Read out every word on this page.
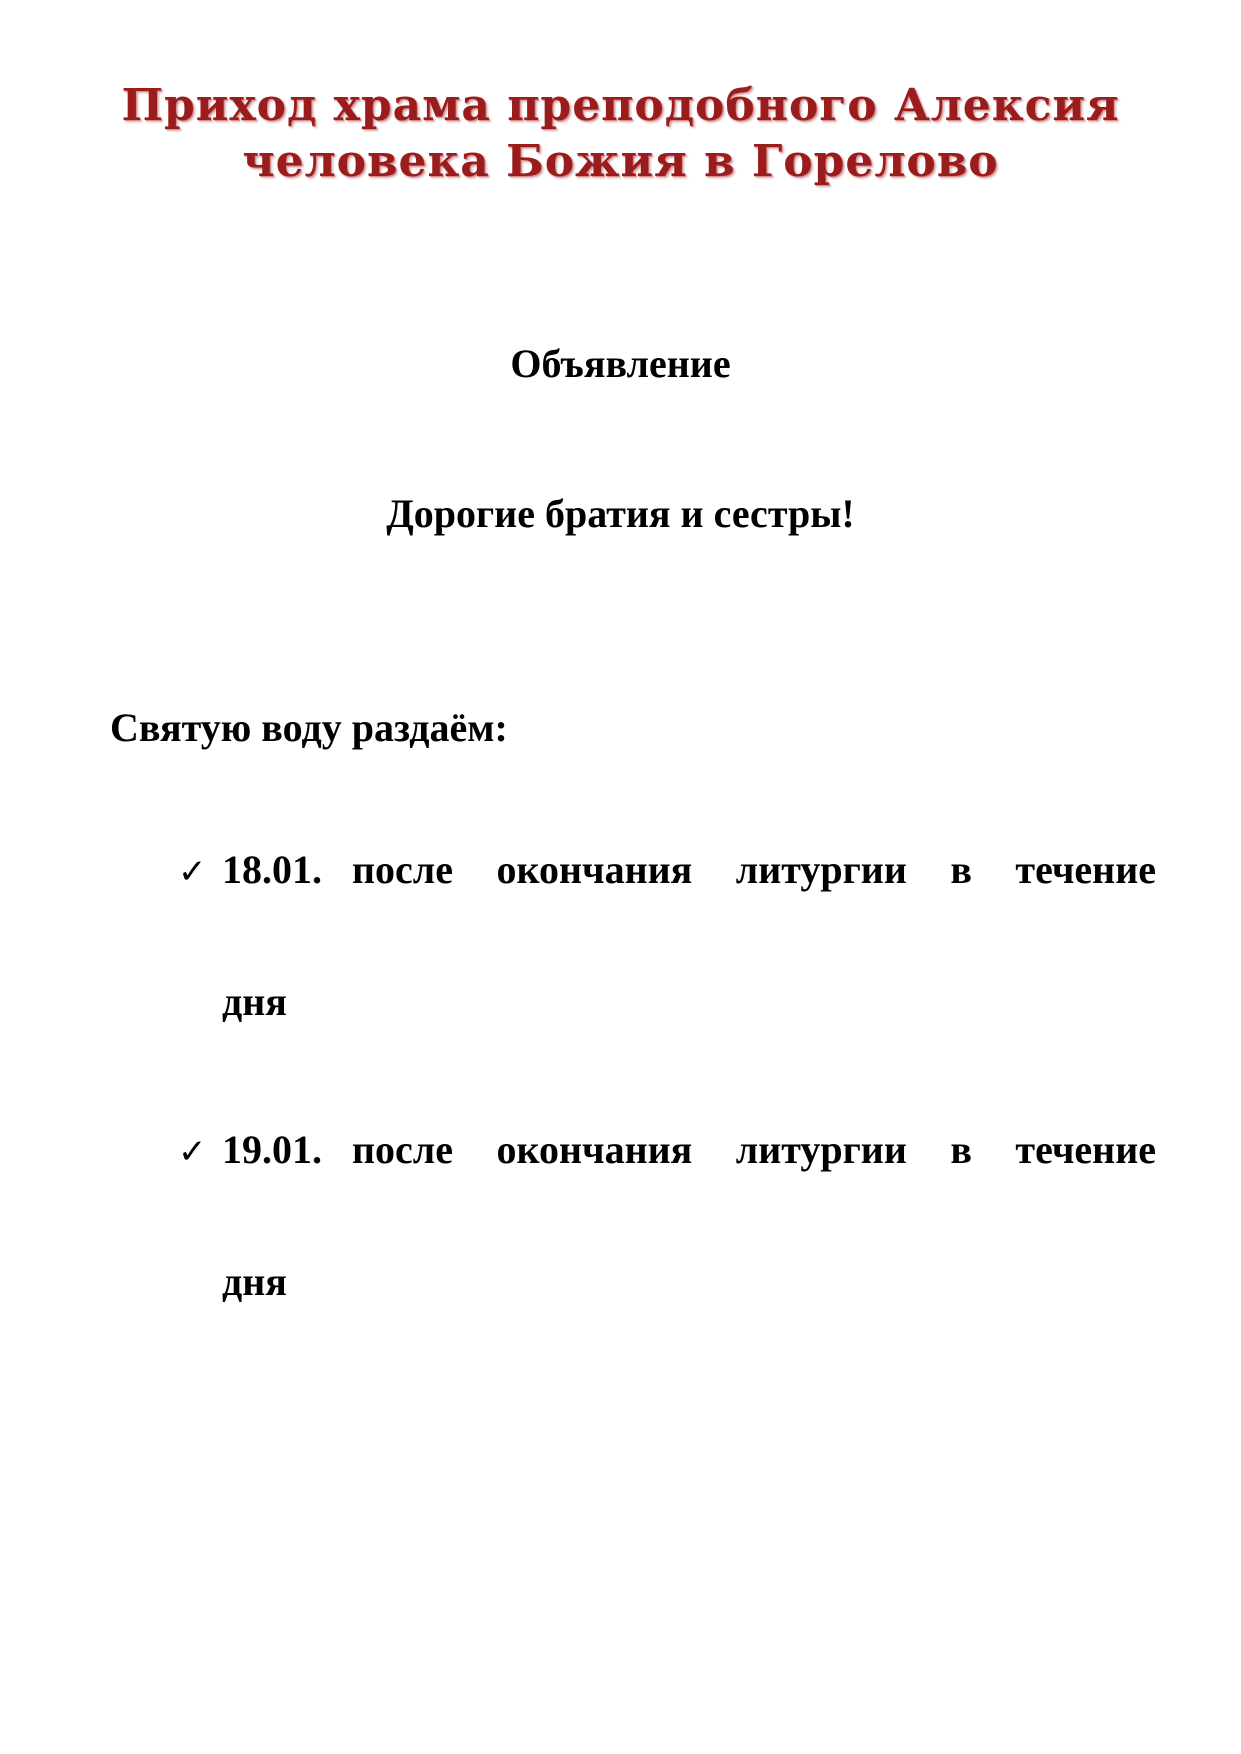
Приход храма преподобного Алексия
человека Божия в Горелово
Объявление
Дорогие братия и сестры!
Святую воду раздаём:
✓ 18.01. после окончания литургии в течение
дня
✓ 19.01. после окончания литургии в течение
дня
